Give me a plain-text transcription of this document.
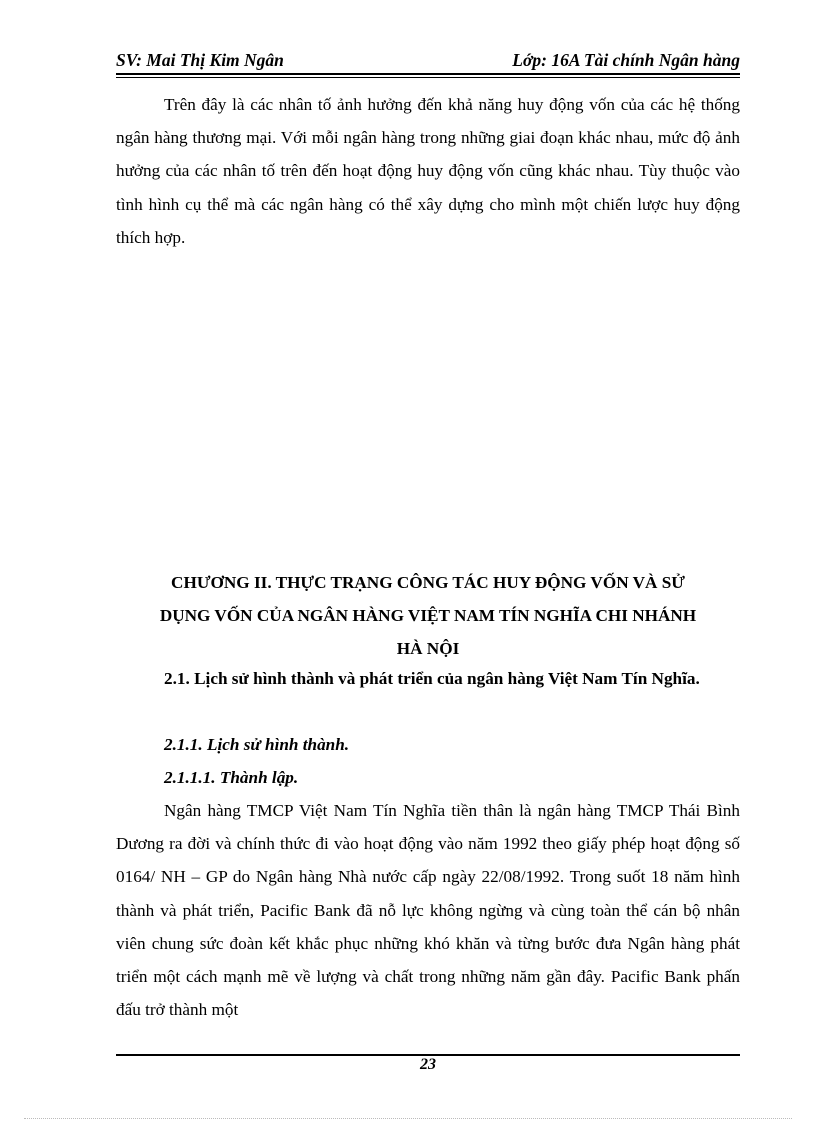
SV: Mai Thị Kim Ngân	Lớp: 16A Tài chính Ngân hàng

Trên đây là các nhân tố ảnh hưởng đến khả năng huy động vốn của các hệ thống ngân hàng thương mại. Với mỗi ngân hàng trong những giai đoạn khác nhau, mức độ ảnh hưởng của các nhân tố trên đến hoạt động huy động vốn cũng khác nhau. Tùy thuộc vào tình hình cụ thể mà các ngân hàng có thể xây dựng cho mình một chiến lược huy động thích hợp.

CHƯƠNG II. THỰC TRẠNG CÔNG TÁC HUY ĐỘNG VỐN VÀ SỬ

DỤNG VỐN CỦA NGÂN HÀNG VIỆT NAM TÍN NGHĨA CHI NHÁNH

HÀ NỘI

2.1. Lịch sử hình thành và phát triển của ngân hàng Việt Nam Tín Nghĩa.

2.1.1. Lịch sử hình thành.

2.1.1.1. Thành lập.

Ngân hàng TMCP Việt Nam Tín Nghĩa tiền thân là ngân hàng TMCP Thái Bình Dương ra đời và chính thức đi vào hoạt động vào năm 1992 theo giấy phép hoạt động số 0164/ NH – GP do Ngân hàng Nhà nước cấp ngày 22/08/1992. Trong suốt 18 năm hình thành và phát triển, Pacific Bank đã nỗ lực không ngừng và cùng toàn thể cán bộ nhân viên chung sức đoàn kết khắc phục những khó khăn và từng bước đưa Ngân hàng phát triển một cách mạnh mẽ về lượng và chất trong những năm gần đây. Pacific Bank phấn đấu trở thành một

23
